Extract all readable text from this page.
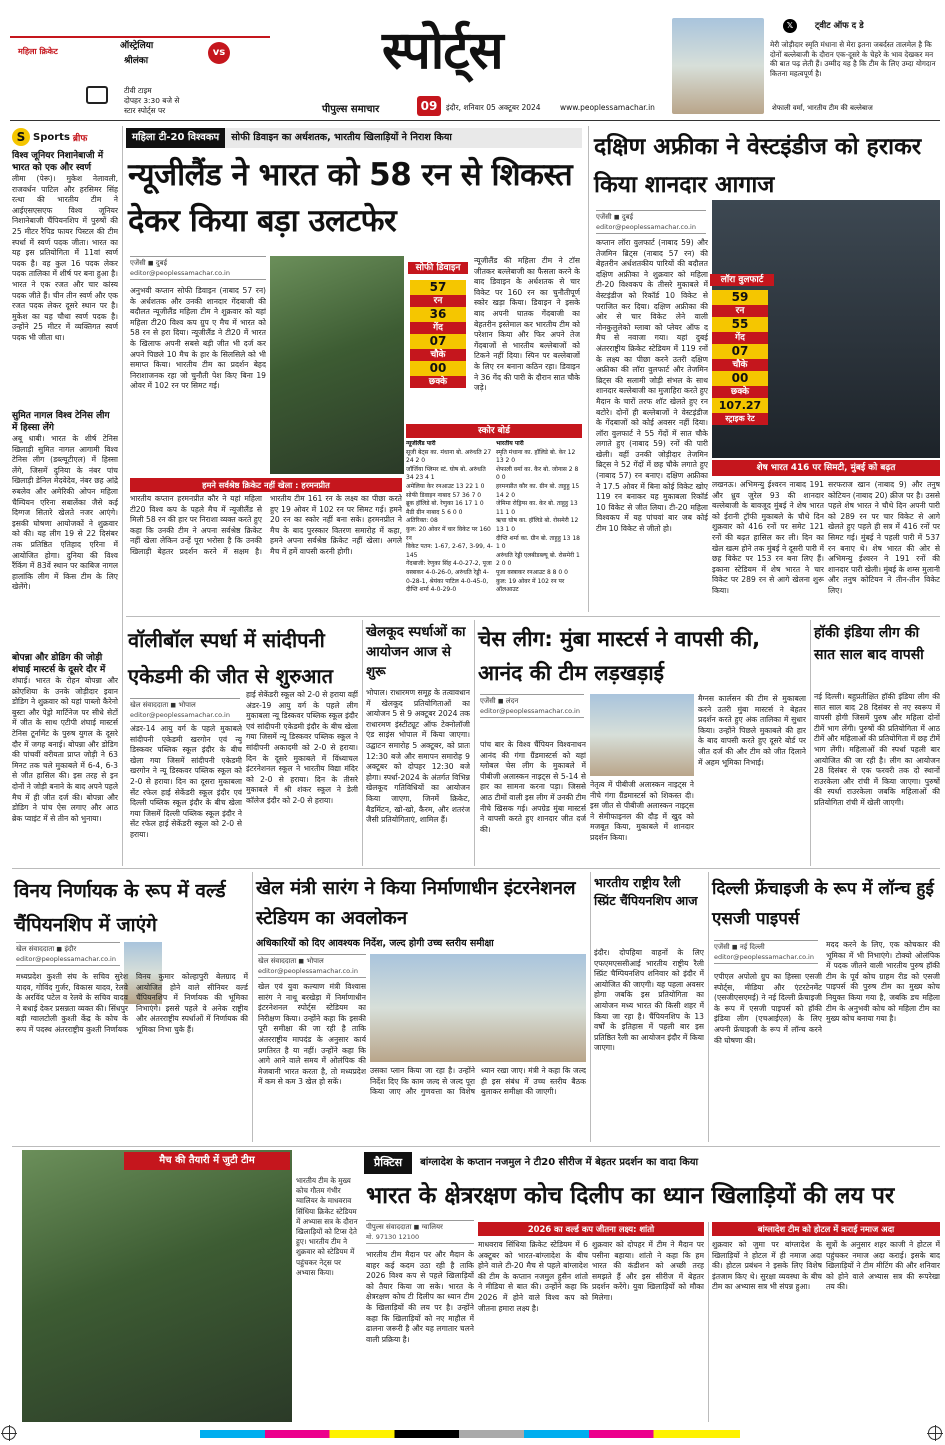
महिला क्रिकेट
ऑस्ट्रेलिया
श्रीलंका
vs
टीवी टाइम
दोपहर 3:30 बजे से
स्टार स्पोर्ट्स पर
स्पोर्ट्स
पीपुल्स समाचार	09	इंदौर, शनिवार 05 अक्टूबर 2024	www.peoplessamachar.in
𝕏	ट्वीट ऑफ द डे
मेरी जोड़ीदार स्मृति मंधाना से मेरा इतना जबर्दस्त तालमेल है कि दोनों बल्लेबाजी के दौरान एक-दूसरे के चेहरे के भाव देखकर मन की बात पढ़ लेती हैं। उम्मीद यह है कि टीम के लिए उम्दा योगदान कितना महत्वपूर्ण है।
शेफाली वर्मा, भारतीय टीम की बल्लेबाज
S Sports ब्रीफ
विश्व जूनियर निशानेबाजी में भारत को एक और स्वर्ण
लीमा (पेरू)। मुकेश नेलावली, राजवर्धन पाटिल और हरसिमर सिंह रत्था की भारतीय टीम ने आईएसएसएफ विश्व जूनियर निशानेबाजी चैंपियनशिप में पुरुषों की 25 मीटर रैपिड फायर पिस्टल की टीम स्पर्धा में स्वर्ण पदक जीता। भारत का यह इस प्रतियोगिता में 11वां स्वर्ण पदक है। वह कुल 16 पदक लेकर पदक तालिका में शीर्ष पर बना हुआ है। भारत ने एक रजत और चार कांस्य पदक जीते हैं। चीन तीन स्वर्ण और एक रजत पदक लेकर दूसरे स्थान पर है। मुकेश का यह चौथा स्वर्ण पदक है। उन्होंने 25 मीटर में व्यक्तिगत स्वर्ण पदक भी जीता था।
सुमित नागल विश्व टेनिस लीग में हिस्सा लेंगे
अबू धाबी। भारत के शीर्ष टेनिस खिलाड़ी सुमित नागल आगामी विश्व टेनिस लीग (डब्ल्यूटीएल) में हिस्सा लेंगे, जिसमें दुनिया के नंबर पांच खिलाड़ी डेनिल मेदवेदेव, नंबर छह आंद्रे रुबलेव और अमेरिकी ओपन महिला चैम्पियन एरिना सबालेंका जैसे कई दिग्गज सितारे खेलते नजर आएंगे। इसकी घोषणा आयोजकों ने शुक्रवार को की। यह लीग 19 से 22 दिसंबर तक प्रतिष्ठित एतिहाद एरिना में आयोजित होगा। दुनिया की विश्व रैंकिंग में 83वें स्थान पर काबिज नागल हालांकि लीग में किस टीम के लिए खेलेंगे।
बोपन्ना और डोडिग की जोड़ी शंघाई मास्टर्स के दूसरे दौर में
शंघाई। भारत के रोहन बोपन्ना और क्रोएशिया के उनके जोड़ीदार इवान डोडिग ने शुक्रवार को यहां पाब्लो कैरेनो बुस्टा और पेड्रो मार्टिनेज पर सीधे सेटों में जीत के साथ एटीपी शंघाई मास्टर्स टेनिस टूर्नामेंट के पुरुष युगल के दूसरे दौर में जगह बनाई। बोपन्ना और डोडिग की पांचवीं वरीयता प्राप्त जोड़ी ने 63 मिनट तक चले मुकाबले में 6-4, 6-3 से जीत हासिल की। इस तरह से इन दोनों ने जोड़ी बनाने के बाद अपने पहले मैच में ही जीत दर्ज की। बोपन्ना और डोडिग ने पांच ऐस लगाए और आठ ब्रेक प्वाइंट में से तीन को भुनाया।
महिला टी-20 विश्वकप	सोफी डिवाइन का अर्धशतक, भारतीय खिलाड़ियों ने निराश किया
न्यूजीलैंड ने भारत को 58 रन से शिकस्त देकर किया बड़ा उलटफेर
एजेंसी ◼ दुबई
editor@peoplessamachar.co.in
अनुभवी कप्तान सोफी डिवाइन (नाबाद 57 रन) के अर्धशतक और उनकी शानदार गेंदबाजी की बदौलत न्यूजीलैंड महिला टीम ने शुक्रवार को यहां महिला टी20 विश्व कप ग्रुप ए मैच में भारत को 58 रन से हरा दिया। न्यूजीलैंड ने टी20 में भारत के खिलाफ अपनी सबसे बड़ी जीत भी दर्ज कर अपने पिछले 10 मैच के हार के सिलसिले को भी समाप्त किया। भारतीय टीम का प्रदर्शन बेहद निराशाजनक रहा जो चुनौती पेश किए बिना 19 ओवर में 102 रन पर सिमट गई।
सोफी डिवाइन
57
रन
36
गेंद
07
चौके
00
छक्के
न्यूजीलैंड की महिला टीम ने टॉस जीतकर बल्लेबाजी का फैसला करने के बाद डिवाइन के अर्धशतक से चार विकेट पर 160 रन का चुनौतीपूर्ण स्कोर खड़ा किया। डिवाइन ने इसके बाद अपनी घातक गेंदबाजी का बेहतरीन इस्तेमाल कर भारतीय टीम को परेशान किया और फिर अपने तेज गेंदबाजों से भारतीय बल्लेबाजों को टिकने नहीं दिया। स्पिन पर बल्लेबाजों के लिए रन बनाना कठिन रहा। डिवाइन ने 36 गेंद की पारी के दौरान सात चौके जड़े।
स्कोर बोर्ड
न्यूजीलैंड पारी
सूजी बेट्स का. मंधाना बो. अरुंधति 27 24 2 0
जॉर्जिया प्लिमर स्टं. घोष बो. अरुंधति 34 23 4 1
अमेलिया केर रनआउट 13 22 1 0
सोफी डिवाइन नाबाद 57 36 7 0
ब्रूक हॉलिडे बो. रेणुका 16 17 1 0
मैडी ग्रीन नाबाद 5 6 0 0
अतिरिक्त: 08
कुल: 20 ओवर में चार विकेट पर 160 रन
विकेट पतन: 1-67, 2-67, 3-99, 4-145
गेंदबाजी: रेणुका सिंह 4-0-27-2, पूजा वस्त्राकर 4-0-26-0, अरुंधति रेड्डी 4-0-28-1, श्रेयंका पाटिल 4-0-45-0, दीप्ति शर्मा 4-0-29-0
भारतीय पारी
स्मृति मंधाना का. हॉलिडे बो. केर 12 13 2 0
शेफाली वर्मा का. कैर बो. जोनास 2 8 0 0
हरमनप्रीत कौर का. ग्रीन बो. ताहुहु 15 14 2 0
जेमिमा रोड्रिग्स का. केर बो. ताहुहु 13 11 1 0
ऋचा घोष का. हॉलिडे बो. रोसमेरी 12 13 1 0
दीप्ति शर्मा का. ग्रीन बो. ताहुहु 13 18 1 0
अरुंधति रेड्डी एलबीडब्ल्यू बो. रोसमेरी 1 2 0 0
पूजा वस्त्राकर रनआउट 8 8 0 0
कुल: 19 ओवर में 102 रन पर ऑलआउट
हमने सर्वश्रेष्ठ क्रिकेट नहीं खेला : हरमनप्रीत
भारतीय कप्तान हरमनप्रीत कौर ने यहां महिला टी20 विश्व कप के पहले मैच में न्यूजीलैंड से मिली 58 रन की हार पर निराशा व्यक्त करते हुए कहा कि उनकी टीम ने अपना सर्वश्रेष्ठ क्रिकेट नहीं खेला लेकिन उन्हें पूरा भरोसा है कि उनकी खिलाड़ी बेहतर प्रदर्शन करने में सक्षम है। भारतीय टीम 161 रन के लक्ष्य का पीछा करते हुए 19 ओवर में 102 रन पर सिमट गई। हमने 20 रन का स्कोर नहीं बना सके। हरमनप्रीत ने मैच के बाद पुरस्कार वितरण समारोह में कहा, हमने अपना सर्वश्रेष्ठ क्रिकेट नहीं खेला। अगले मैच में हमें वापसी करनी होगी।
दक्षिण अफ्रीका ने वेस्टइंडीज को हराकर किया शानदार आगाज
एजेंसी ◼ दुबई
editor@peoplessamachar.co.in
कप्तान लॉरा वुलफार्ट (नाबाद 59) और तेजमिन ब्रिट्स (नाबाद 57 रन) की बेहतरीन अर्धशतकीय पारियों की बदौलत दक्षिण अफ्रीका ने शुक्रवार को महिला टी-20 विश्वकप के तीसरे मुकाबले में वेस्टइंडीज को रिकॉर्ड 10 विकेट से पराजित कर दिया। दक्षिण अफ्रीका की ओर से चार विकेट लेने वाली नोनकुलुलेको म्लाबा को प्लेयर ऑफ द मैच से नवाजा गया। यहां दुबई अंतरराष्ट्रीय क्रिकेट स्टेडियम में 119 रनों के लक्ष्य का पीछा करने उतरी दक्षिण अफ्रीका की लॉरा वुलफार्ट और तेजमिन ब्रिट्स की सलामी जोड़ी संभल के साथ शानदार बल्लेबाजी का मुजाहिरा करते हुए मैदान के चारों तरफ शॉट खेलते हुए रन बटोरे। दोनों ही बल्लेबाजों ने वेस्टइंडीज के गेंदबाजों को कोई अवसर नहीं दिया। लॉरा वुलफार्ट ने 55 गेंदों में सात चौके लगाते हुए (नाबाद 59) रनों की पारी खेली। वहीं उनकी जोड़ीदार तेजमिन ब्रिट्स ने 52 गेंदों में छह चौके लगाते हुए (नाबाद 57) रन बनाए। दक्षिण अफ्रीका ने 17.5 ओवर में बिना कोई विकेट खोए 119 रन बनाकर यह मुकाबला रिकॉर्ड 10 विकेट से जीत लिया। टी-20 महिला विश्वकप में यह पांचवां बार जब कोई टीम 10 विकेट से जीतो हो।
लॉरा वुलफार्ट
59
रन
55
गेंद
07
चौके
00
छक्के
107.27
स्ट्राइक रेट
शेष भारत 416 पर सिमटी, मुंबई को बढ़त
लखनऊ। अभिमन्यु ईश्वरन नाबाद 191 और ध्रुव जुरेल 93 की शानदार बल्लेबाजी के बावजूद मुंबई ने शेष भारत को ईरानी ट्रॉफी मुकाबले के चौथे दिन शुक्रवार को 416 रनों पर समेट 121 रनों की बढ़त हासिल कर ली। दिन का खेल खत्म होने तक मुंबई ने दूसरी पारी में छह विकेट पर 153 रन बना लिए हैं। इकाना स्टेडियम में शेष भारत ने चार विकेट पर 289 रन से आगे खेलना शुरू किया।
सरफराज खान (नाबाद 9) और तनुष कोटियन (नाबाद 20) क्रीज पर है। उससे पहले शेष भारत ने चौथे दिन अपनी पारी को 289 रन पर चार विकेट से आगे खेलते हुए पहले ही सत्र में 416 रनों पर सिमट गई। मुंबई ने पहली पारी में 537 रन बनाए थे। शेष भारत की ओर से अभिमन्यु ईश्वरन ने 191 रनों की शानदार पारी खेली। मुंबई के शम्स मुलानी और तनुष कोटियन ने तीन-तीन विकेट लिए।
वॉलीबॉल स्पर्धा में सांदीपनी एकेडमी की जीत से शुरुआत
खेल संवाददाता ◼ भोपाल
editor@peoplessamachar.co.in
अंडर-14 आयु वर्ग के पहले मुकाबले सांदीपनी एकेडमी खरगोन एवं न्यू डिस्कवर पब्लिक स्कूल इंदौर के बीच खेला गया जिसमें सांदीपनी एकेडमी खरगोन ने न्यू डिस्कवर पब्लिक स्कूल को 2-0 से हराया। दिन का दूसरा मुकाबला सेंट रफेल हाई सेकेंडरी स्कूल इंदौर एवं दिल्ली पब्लिक स्कूल इंदौर के बीच खेला गया जिसमें दिल्ली पब्लिक स्कूल इंदौर ने सेंट रफेल हाई सेकेंडरी स्कूल को 2-0 से हराया।
हाई सेकेंडरी स्कूल को 2-0 से हराया वहीं अंडर-19 आयु वर्ग के पहले लीग मुकाबला न्यू डिस्कवर पब्लिक स्कूल इंदौर एवं सांदीपनी एकेडमी इंदौर के बीच खेला गया जिसमें न्यू डिस्कवर पब्लिक स्कूल ने सांदीपनी अकादमी को 2-0 से हराया। दिन के दूसरे मुकाबले में विंध्याचल इंटरनेशनल स्कूल ने भारतीय विद्या मंदिर को 2-0 से हराया। दिन के तीसरे मुकाबले में श्री शंकर स्कूल ने डेली कॉलेज इंदौर को 2-0 से हराया।
खेलकूद स्पर्धाओं का आयोजन आज से शुरू
भोपाल। राधारमण समूह के तत्वावधान में खेलकूद प्रतियोगिताओं का आयोजन 5 से 9 अक्टूबर 2024 तक राधारमण इंस्टीट्यूट ऑफ टेक्नोलॉजी एंड साइंस भोपाल में किया जाएगा। उद्घाटन समारोह 5 अक्टूबर, को प्रातः 12:30 बजे और समापन समारोह 9 अक्टूबर को दोपहर 12:30 बजे होगा। स्पर्धा-2024 के अंतर्गत विभिन्न खेलकूद गतिविधियों का आयोजन किया जाएगा, जिनमें क्रिकेट, बैडमिंटन, खो-खो, कैरम, और शतरंज जैसी प्रतियोगिताएं, शामिल हैं।
चेस लीग: मुंबा मास्टर्स ने वापसी की, आनंद की टीम लड़खड़ाई
एजेंसी ◼ लंदन
editor@peoplessamachar.co.in
पांच बार के विश्व चैंपियन विश्वनाथन आनंद की गंगा ग्रैंडमास्टर्स को यहां ग्लोबल चेस लीग के मुकाबले में पीबीजी अलास्कन नाइट्स से 5-14 से हार का सामना करना पड़ा। जिससे आठ टीमों वाली इस लीग में उनकी टीम नीचे खिसक गई। अपग्रेड मुंबा मास्टर्स ने वापसी करते हुए शानदार जीत दर्ज की।
नेतृत्व में पीबीजी अलास्कन नाइट्स ने नीचे गंगा ग्रैंडमास्टर्स को शिकस्त दी। इस जीत से पीबीजी अलास्कन नाइट्स ने सेमीफाइनल की दौड़ में खुद को मजबूत किया, मुकाबले में शानदार प्रदर्शन किया।
मैग्नस कार्लसन की टीम से मुकाबला करने उतरी मुंबा मास्टर्स ने बेहतर प्रदर्शन करते हुए अंक तालिका में सुधार किया। उन्होंने पिछले मुकाबले की हार के बाद वापसी करते हुए दूसरे बोर्ड पर जीत दर्ज की और टीम को जीत दिलाने में अहम भूमिका निभाई।
हॉकी इंडिया लीग की सात साल बाद वापसी
नई दिल्ली। बहुप्रतीक्षित हॉकी इंडिया लीग की सात साल बाद 28 दिसंबर से नए स्वरूप में वापसी होगी जिसमें पुरुष और महिला दोनों टीमें भाग लेंगी। पुरुषों की प्रतियोगिता में आठ टीमें और महिलाओं की प्रतियोगिता में छह टीमें भाग लेंगी। महिलाओं की स्पर्धा पहली बार आयोजित की जा रही है। लीग का आयोजन 28 दिसंबर से एक फरवरी तक दो स्थानों राउरकेला और रांची में किया जाएगा। पुरुषों की स्पर्धा राउरकेला जबकि महिलाओं की प्रतियोगिता रांची में खेली जाएगी।
विनय निर्णायक के रूप में वर्ल्ड चैंपियनशिप में जाएंगे
खेल संवाददाता ◼ इंदौर
editor@peoplessamachar.co.in
मध्यप्रदेश कुश्ती संघ के सचिव सुरेश यादव, गोविंद गुर्जर, विकास यादव, रेलवे के अरविंद पटेल व रेलवे के सचिव यादव ने बधाई देकर प्रसन्नता व्यक्त की। सिंधपुर बड़ी ग्वालटोली कुश्ती केंद्र के कोच के रूप में पदस्थ अंतरराष्ट्रीय कुश्ती निर्णायक विनय कुमार कोल्हापुरी बेलग्राद में आयोजित होने वाले सीनियर वर्ल्ड चैंपियनशिप में निर्णायक की भूमिका निभाएंगे। इससे पहले वे अनेक राष्ट्रीय और अंतरराष्ट्रीय स्पर्धाओं में निर्णायक की भूमिका निभा चुके हैं।
खेल मंत्री सारंग ने किया निर्माणाधीन इंटरनेशनल स्टेडियम का अवलोकन
अधिकारियों को दिए आवश्यक निर्देश, जल्द होगी उच्च स्तरीय समीक्षा
खेल संवाददाता ◼ भोपाल
editor@peoplessamachar.co.in
खेल एवं युवा कल्याण मंत्री विश्वास सारंग ने नाथू बरखेड़ा में निर्माणाधीन इंटरनेशनल स्पोर्ट्स स्टेडियम का निरीक्षण किया। उन्होंने कहा कि इसकी पूरी समीक्षा की जा रही है ताकि अंतरराष्ट्रीय मापदंड के अनुसार कार्य प्रगतिरत है या नहीं। उन्होंने कहा कि आगे आने वाले समय में ओलंपिक की मेजबानी भारत करता है, तो मध्यप्रदेश में कम से कम 3 खेल हो सकें।
उसका प्लान किया जा रहा है। उन्होंने निर्देश दिए कि काम जल्द से जल्द पूरा किया जाए और गुणवत्ता का विशेष ध्यान रखा जाए। मंत्री ने कहा कि जल्द ही इस संबंध में उच्च स्तरीय बैठक बुलाकर समीक्षा की जाएगी।
भारतीय राष्ट्रीय रैली स्प्रिंट चैंपियनशिप आज
इंदौर। दोपहिया वाहनों के लिए एफएमएससीआई भारतीय राष्ट्रीय रैली स्प्रिंट चैम्पियनशिप शनिवार को इंदौर में आयोजित की जाएगी। यह पहला अवसर होगा जबकि इस प्रतियोगिता का आयोजन मध्य भारत की किसी शहर में किया जा रहा है। चैंपियनशिप के 13 वर्षों के इतिहास में पहली बार इस प्रतिष्ठित रैली का आयोजन इंदौर में किया जाएगा।
दिल्ली फ्रेंचाइजी के रूप में लॉन्च हुई एसजी पाइपर्स
एजेंसी ◼ नई दिल्ली
editor@peoplessamachar.co.in
एपीएल अपोलो ग्रुप का हिस्सा एसजी स्पोर्ट्स, मीडिया और एंटरटेनमेंट (एसजीएसएमई) ने नई दिल्ली फ्रेंचाइजी के रूप में एसजी पाइपर्स को हॉकी इंडिया लीग (एचआईएल) के लिए अपनी फ्रेंचाइजी के रूप में लॉन्च करने की घोषणा की।
मदद करने के लिए, एक कोचकार की भूमिका में भी निभाएंगे। टोक्यो ओलंपिक में पदक जीतने वाली भारतीय पुरुष हॉकी टीम के पूर्व कोच ग्राहम रीड को एसजी पाइपर्स की पुरुष टीम का मुख्य कोच नियुक्त किया गया है, जबकि डच महिला टीम के अनुभवी कोच को महिला टीम का मुख्य कोच बनाया गया है।
मैच की तैयारी में जुटी टीम
भारतीय टीम के मुख्य कोच गौतम गंभीर ग्वालियर के माधवराव सिंधिया क्रिकेट स्टेडियम में अभ्यास सत्र के दौरान खिलाड़ियों को टिप्स देते हुए। भारतीय टीम ने शुक्रवार को स्टेडियम में पहुंचकर नेट्स पर अभ्यास किया।
प्रैक्टिस	बांग्लादेश के कप्तान नजमुल ने टी20 सीरीज में बेहतर प्रदर्शन का वादा किया
भारत के क्षेत्ररक्षण कोच दिलीप का ध्यान खिलाड़ियों की लय पर
पीपुल्स संवाददाता ◼ ग्वालियर
मो. 97130 12100
भारतीय टीम मैदान पर और मैदान के बाहर कई कदम उठा रही है ताकि 2026 विश्व कप से पहले खिलाड़ियों को तैयार किया जा सके। भारत के क्षेत्ररक्षण कोच टी दिलीप का ध्यान टीम के खिलाड़ियों की लय पर है। उन्होंने कहा कि खिलाड़ियों को नए माहौल में ढालना जरूरी है और यह लगातार चलने वाली प्रक्रिया है।
2026 का वर्ल्ड कप जीतना लक्ष्य: शांतो
माधवराव सिंधिया क्रिकेट स्टेडियम में 6 अक्टूबर को भारत-बांग्लादेश के बीच होने वाले टी-20 मैच से पहले बांग्लादेश की टीम के कप्तान नजमुल हुसैन शांतो ने मीडिया से बात की। उन्होंने कहा कि 2026 में होने वाले विश्व कप को जीतना हमारा लक्ष्य है।
शुक्रवार को दोपहर में टीम ने मैदान पर पसीना बहाया। शांतो ने कहा कि हम भारत की कंडीशन को अच्छी तरह समझते हैं और इस सीरीज में बेहतर प्रदर्शन करेंगे। युवा खिलाड़ियों को मौका मिलेगा।
बांग्लादेश टीम को होटल में कराई नमाज अदा
शुक्रवार को जुमा पर बांग्लादेश के खिलाड़ियों ने होटल में ही नमाज अदा की। होटल प्रबंधन ने इसके लिए विशेष इंतजाम किए थे। सुरक्षा व्यवस्था के बीच टीम का अभ्यास सत्र भी संपन्न हुआ।
सूत्रों के अनुसार शहर काजी ने होटल में पहुंचकर नमाज अदा कराई। इसके बाद खिलाड़ियों ने टीम मीटिंग की और शनिवार को होने वाले अभ्यास सत्र की रूपरेखा तय की।
